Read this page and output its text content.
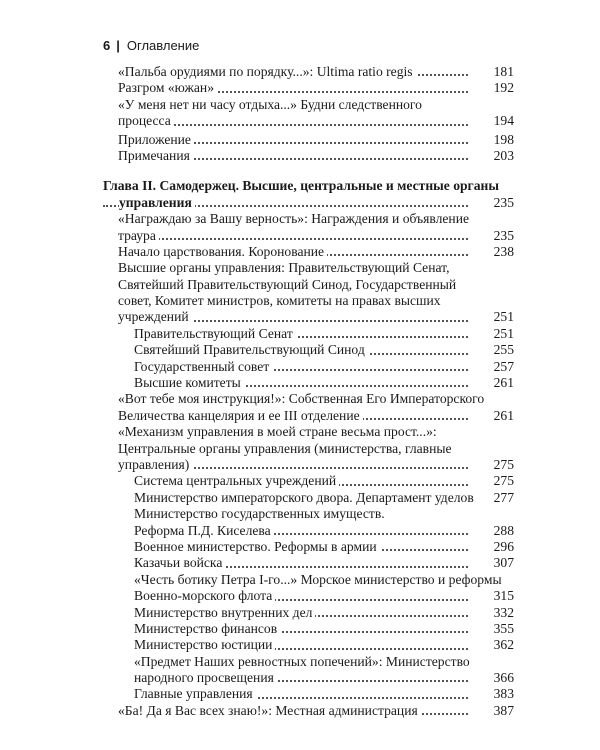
6 | Оглавление
«Пальба орудиями по порядку...»: Ultima ratio regis	181
Разгром «южан»	192
«У меня нет ни часу отдыха...» Будни следственного
процесса	194
Приложение	198
Примечания	203
Глава II. Самодержец. Высшие, центральные и местные органы
управления	235
«Награждаю за Вашу верность»: Награждения и объявление
траура	235
Начало царствования. Коронование	238
Высшие органы управления: Правительствующий Сенат,
Святейший Правительствующий Синод, Государственный
совет, Комитет министров, комитеты на правах высших
учреждений	251
Правительствующий Сенат	251
Святейший Правительствующий Синод	255
Государственный совет	257
Высшие комитеты	261
«Вот тебе моя инструкция!»: Собственная Его Императорского
Величества канцелярия и ее III отделение	261
«Механизм управления в моей стране весьма прост...»:
Центральные органы управления (министерства, главные
управления)	275
Система центральных учреждений	275
Министерство императорского двора. Департамент уделов 277
Министерство государственных имуществ.
Реформа П.Д. Киселева	288
Военное министерство. Реформы в армии	296
Казачьи войска	307
«Честь ботику Петра I-го...» Морское министерство и реформы
Военно-морского флота	315
Министерство внутренних дел	332
Министерство финансов	355
Министерство юстиции	362
«Предмет Наших ревностных попечений»: Министерство
народного просвещения	366
Главные управления	383
«Ба! Да я Вас всех знаю!»: Местная администрация	387
